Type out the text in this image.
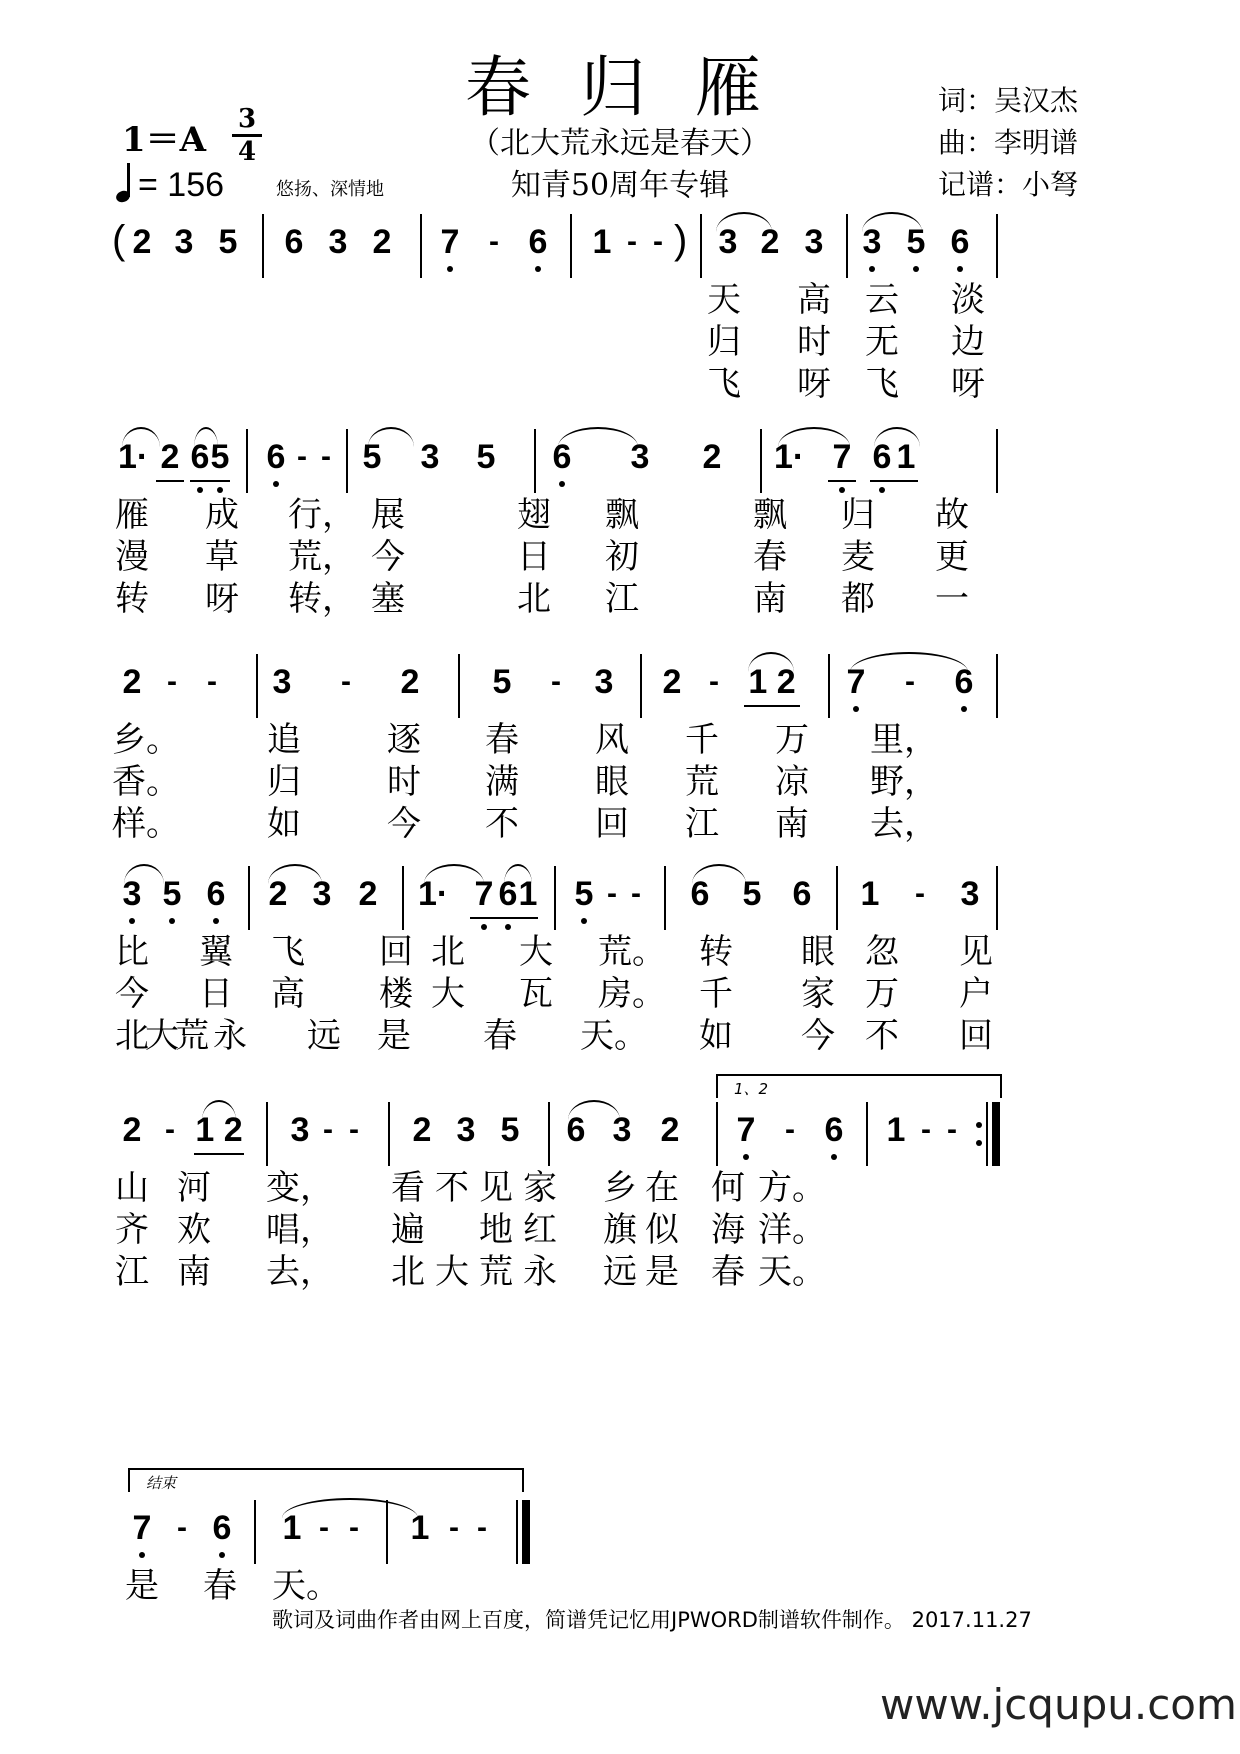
春 归 雁
（北大荒永远是春天）
知青50周年专辑
1＝A
3
4
= 156	悠扬、深情地
词：吴汉杰
曲：李明谱
记谱：小弩
( 2 3 5 6 3 2 7 - 6 1 - - ) 3 2 3 3 5 6
天 高 云 淡
归 时 无 边
飞 呀 飞 呀
1· 2 6 5 6 - - 5 3 5 6 3 2 1· 7 6 1
雁 成 行， 展	翅 飘	飘 归 故
漫 草 荒， 今	日 初	春 麦 更
转 呀 转， 塞	北 江	南 都 一
2 -	- 3	- 2 5	- 3 2 - 1 2 7	- 6
乡。	追	逐 春 风 千 万 里，
香。	归	时 满 眼 荒 凉 野，
样。	如	今 不 回 江 南 去，
3 5 6 2 3 2 1· 7 6 1 5 - - 6 5 6 1	- 3
比 翼 飞 回 北 大 荒。 转 眼 忽 见
今 日 高 楼 大 瓦 房。 千 家 万 户
北
大
荒 永 远 是 春 天。 如 今 不 回
1、2
2 - 1 2 3 - - 2 3 5 6 3 2 7 - 6 1 - -
山 河 变， 看 不 见 家 乡 在 何 方。
齐 欢 唱， 遍 地 红 旗 似 海 洋。
江 南 去， 北 大 荒 永 远 是 春 天。
结束
7 - 6 1 - - 1 - -
是 春 天。
歌词及词曲作者由网上百度，简谱凭记忆用JPWORD制谱软件制作。 2017.11.27
www.jcqupu.com
